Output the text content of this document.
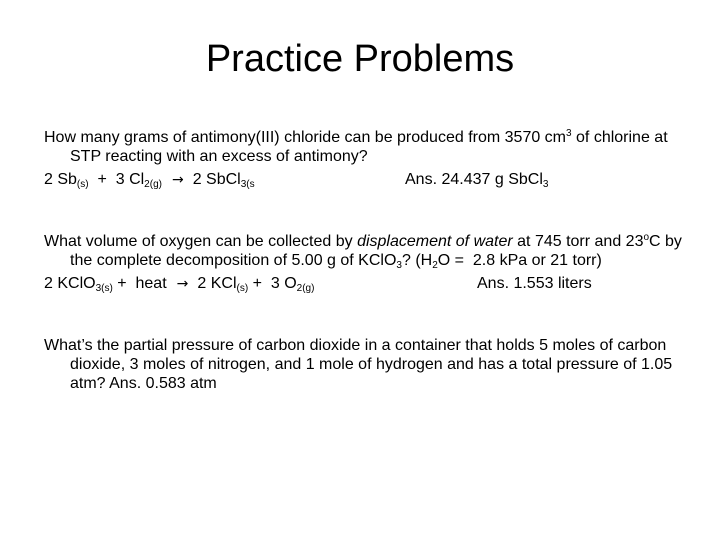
Practice Problems

How many grams of antimony(III) chloride can be produced from 3570 $cm^3$ of chlorine at STP reacting with an excess of antimony?

2 $Sb_{(s)} + 3$ $Cl_{2(g)} \to 2$ SbCl$_{3(s}$	Ans. 24.437 g SbCl$_3$

What volume of oxygen can be collected by displacement of water at 745 torr and 23$^o$C by the complete decomposition of 5.00 g of KClO$_3$? ($H_2O = 2.8$ kPa or 21 torr)

2 KClO$_{3(s)}$ +  heat → 2 KCl$_{(s)}$ +  3 $O_{2(g)}$	Ans. 1.553 liters

What’s the partial pressure of carbon dioxide in a container that holds 5 moles of carbon dioxide, 3 moles of nitrogen, and 1 mole of hydrogen and has a total pressure of 1.05 atm? Ans. 0.583 atm
